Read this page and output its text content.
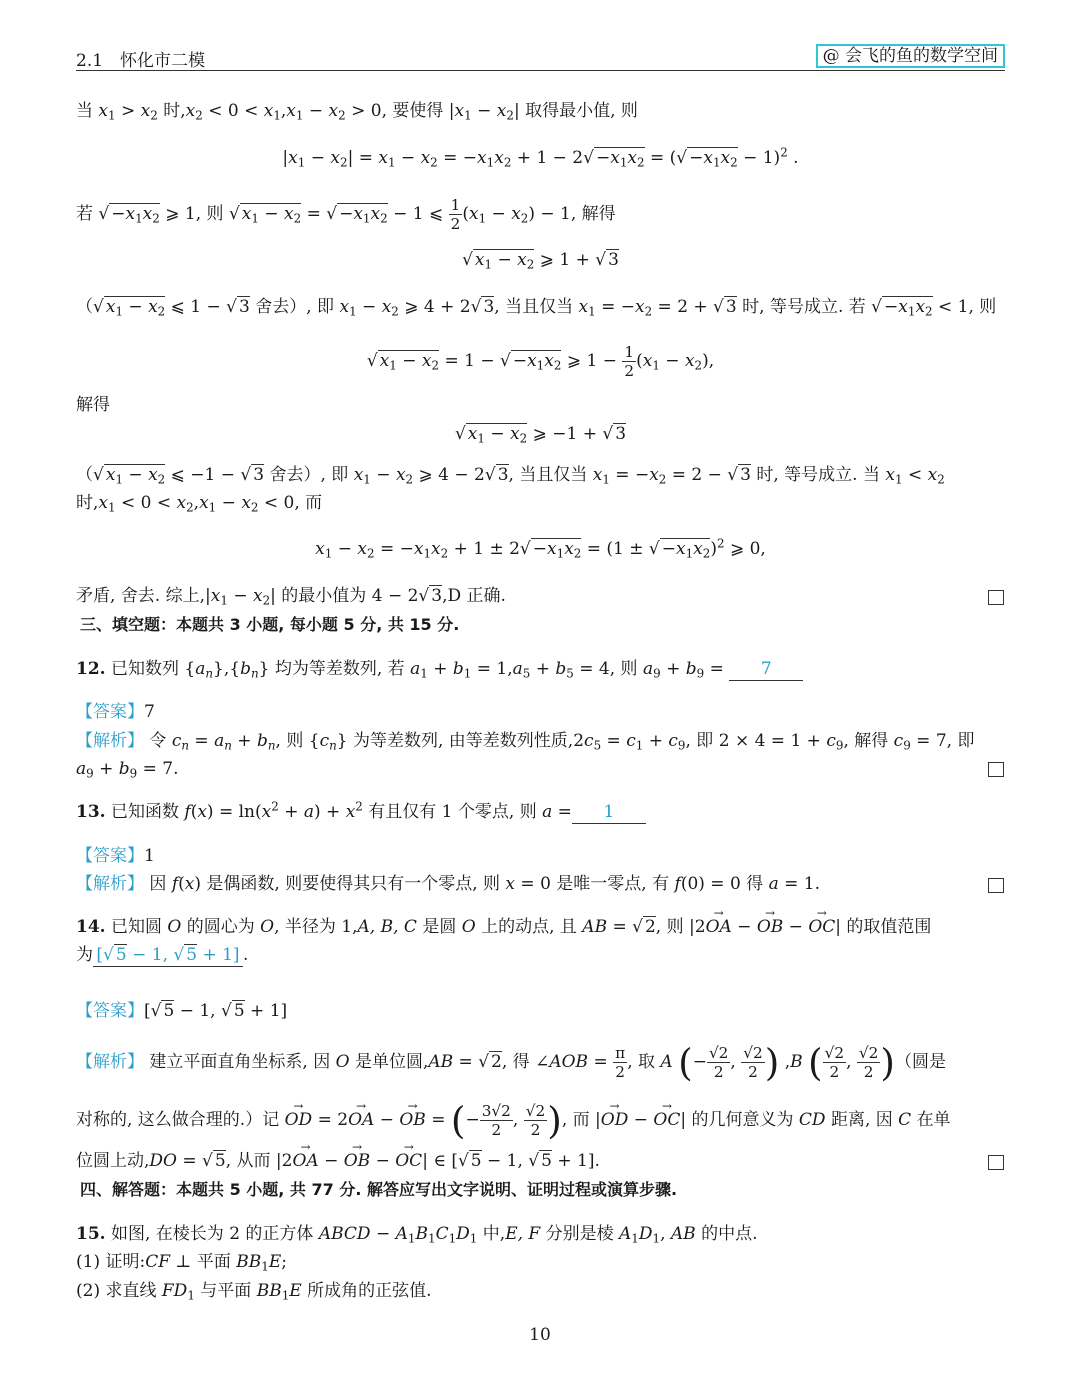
2.1　怀化市二模	@ 会飞的鱼的数学空间
当 $x_1 > x_2$ 时$,x_2 < 0 < x_1,x_1 - x_2 > 0$, 要使得 $|x_1 - x_2|$ 取得最小值, 则
$|x_1 - x_2| = x_1 - x_2 = -x_1x_2 + 1 - 2√ -x_1x_2$ = (√ $-x_1x_2 - 1)^2$ .
若 √ $-x_1x_2$ ⩾ 1, 则 √ $x_1 - x_2$ = √ $-x_1x_2 - 1$ ⩽ $\frac{1}{2} (x_1 - x_2) - 1$, 解得
√ $x_1 - x_2$ ⩾ 1 + √ 3
（√ $x_1 - x_2$ ⩽ 1 − √ 3 舍去）, 即 $x_1 - x_2$ ⩾ 4 + 2√ 3, 当且仅当 $x_1 = -x_2 = 2$ + √ 3 时, 等号成立. 若 √ $-x_1x_2 < 1$, 则
√ $x_1 - x_2 = 1$ − √ $-x_1x_2$ ⩾ $1 - \frac{1}{2} (x_1 - x_2)$,
解得
√ $x_1 - x_2$ ⩾ −1 + √ 3
（√ $x_1 - x_2$ ⩽ −1 − √ 3 舍去）, 即 $x_1 - x_2$ ⩾ 4 − 2√ 3, 当且仅当 $x_1 = -x_2 = 2$ − √ 3 时, 等号成立. 当 $x_1 < x_2$
时$,x_1 < 0 < x_2,x_1 - x_2 < 0$, 而
$x_1 - x_2 = -x_1x_2 + 1 \pm 2√ -x_1x_2 = (1$ ± √ $-x_1x_2)^2$ ⩾ 0,
矛盾, 舍去. 综上$,|x_1 - x_2|$ 的最小值为 4 − 2√ 3,D 正确.
三、填空题：本题共 3 小题, 每小题 5 分, 共 15 分.
12. 已知数列 $\{a_n\},\{b_n\}$ 均为等差数列, 若 $a_1 + b_1 = 1,a_5 + b_5 = 4$, 则 $a_9 + b_9 = 7$
【答案】7
【解析】 令 $c_n = a_n + b_n$, 则 $\{c_n\}$ 为等差数列, 由等差数列性质$,2c_5 = c_1 + c_9$, 即 $2 \times 4 = 1 + c_9$, 解得 $c_9 = 7$, 即
$a_9 + b_9 = 7$.
13. 已知函数 $f(x) = \ln(x^2 + a) + x^2$ 有且仅有 1 个零点, 则 a = 1
【答案】1
【解析】 因 f(x) 是偶函数, 则要使得其只有一个零点, 则 x = 0 是唯一零点, 有 f(0) = 0 得 a = 1.
14. 已知圆 O 的圆心为 O, 半径为 1,A, B, C 是圆 O 上的动点, 且 AB = √ 2, 则 |2→ OA − → OB − → OC| 的取值范围
为 [√ 5 − 1, √ 5 + 1] .
【答案】[√ 5 − 1, √ 5 + 1]
【解析】 建立平面直角坐标系, 因 O 是单位圆,AB = √ 2, 得 ∠AOB = $\frac{\pi}{2}$ , 取 A (− $\frac{√2}{2}$ , $\frac{√2}{2}$ ) ,B ( $\frac{√2}{2}$ , $\frac{√2}{2}$ )（圆是
对称的, 这么做合理的.）记 → OD = 2→ OA − → OB = (− $\frac{3√2}{2}$ , $\frac{√2}{2}$ ), 而 |→ OD − → OC| 的几何意义为 CD 距离, 因 C 在单
位圆上动,DO = √ 5, 从而 |2→ OA − → OB − → OC| ∈ [√ 5 − 1, √ 5 + 1].
四、解答题：本题共 5 小题, 共 77 分. 解答应写出文字说明、证明过程或演算步骤.
15. 如图, 在棱长为 2 的正方体 ABCD − $A_1B_1C_1D_1$ 中,E, F 分别是棱 $A_1D_1$, AB 的中点.
(1) 证明:CF ⊥ 平面 $BB_1E$;
(2) 求直线 $FD_1$ 与平面 $BB_1E$ 所成角的正弦值.
10
